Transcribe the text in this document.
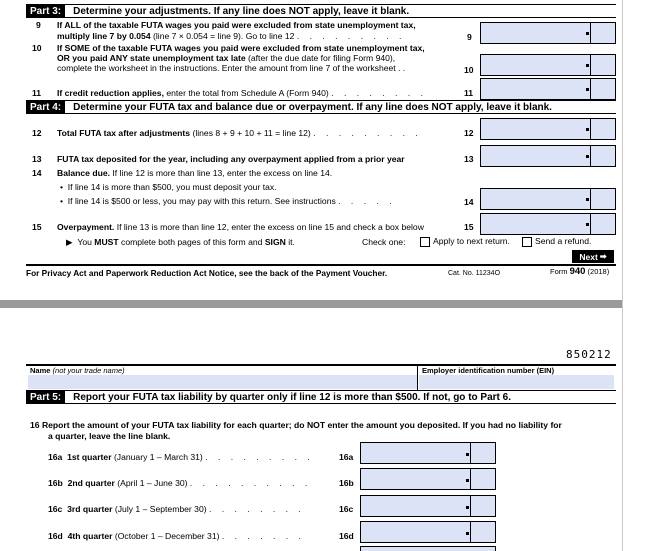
Part 3:	Determine your adjustments. If any line does NOT apply, leave it blank.
9 If ALL of the taxable FUTA wages you paid were excluded from state unemployment tax,
multiply line 7 by 0.054 (line 7 × 0.054 = line 9). Go to line 12 . . . . . . . . .	9
10 If SOME of the taxable FUTA wages you paid were excluded from state unemployment tax,
OR you paid ANY state unemployment tax late (after the due date for filing Form 940),
complete the worksheet in the instructions. Enter the amount from line 7 of the worksheet . .	10
11 If credit reduction applies, enter the total from Schedule A (Form 940) . . . . . . . .	11
Part 4:	Determine your FUTA tax and balance due or overpayment. If any line does NOT apply, leave it blank.
12 Total FUTA tax after adjustments (lines 8 + 9 + 10 + 11 = line 12) . . . . . . . . .	12
13 FUTA tax deposited for the year, including any overpayment applied from a prior year	13
14 Balance due. If line 12 is more than line 13, enter the excess on line 14.
•  If line 14 is more than $500, you must deposit your tax.
•  If line 14 is $500 or less, you may pay with this return. See instructions . . . . .	14
15 Overpayment. If line 13 is more than line 12, enter the excess on line 15 and check a box below	15
▶  You MUST complete both pages of this form and SIGN it.	Check one:	Apply to next return.	Send a refund.
Next ➡
For Privacy Act and Paperwork Reduction Act Notice, see the back of the Payment Voucher.	Cat. No. 11234O	Form 940 (2018)
850212
Name (not your trade name)	Employer identification number (EIN)
Part 5:	Report your FUTA tax liability by quarter only if line 12 is more than $500. If not, go to Part 6.
16 Report the amount of your FUTA tax liability for each quarter; do NOT enter the amount you deposited. If you had no liability for
a quarter, leave the line blank.
16a 1st quarter (January 1 – March 31) . . . . . . . . .	16a
16b 2nd quarter (April 1 – June 30) . . . . . . . . . .	16b
16c 3rd quarter (July 1 – September 30) . . . . . . . .	16c
16d 4th quarter (October 1 – December 31) . . . . . . .	16d
